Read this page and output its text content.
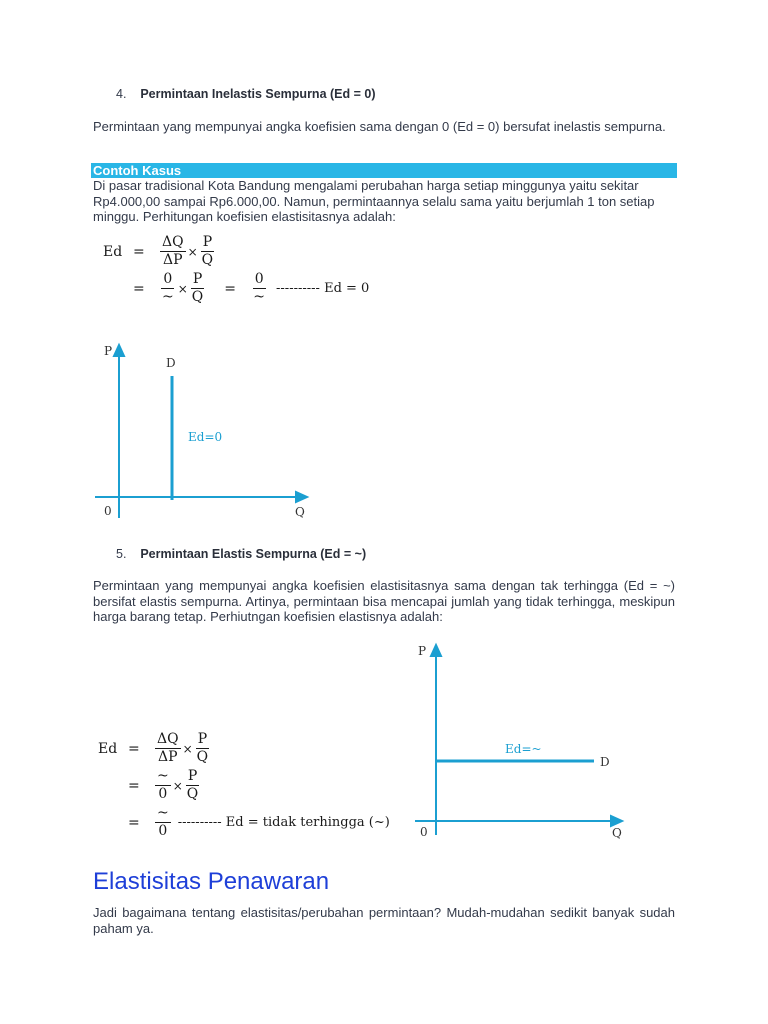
4. Permintaan Inelastis Sempurna (Ed = 0)
Permintaan yang mempunyai angka koefisien sama dengan 0 (Ed = 0) bersufat inelastis sempurna.
Contoh Kasus
Di pasar tradisional Kota Bandung mengalami perubahan harga setiap minggunya yaitu sekitar Rp4.000,00 sampai Rp6.000,00. Namun, permintaannya selalu sama yaitu berjumlah 1 ton setiap minggu. Perhitungan koefisien elastisitasnya adalah:
Ed =	$\frac{\Delta Q}{\Delta P} \times \frac{P}{Q}$
=	$\frac{0}{\sim} \times \frac{P}{Q}$ =	$\frac{0}{\sim}$ ---------- Ed = 0
P
Q
0
D
Ed=0
5. Permintaan Elastis Sempurna (Ed = ~)
Permintaan yang mempunyai angka koefisien elastisitasnya sama dengan tak terhingga (Ed = ~) bersifat elastis sempurna. Artinya, permintaan bisa mencapai jumlah yang tidak terhingga, meskipun harga barang tetap. Perhiutngan koefisien elastisnya adalah:
P
Q
0
D
Ed=~
Ed =	$\frac{\Delta Q}{\Delta P} \times \frac{P}{Q}$
=	$\frac{\sim}{0} \times \frac{P}{Q}$
=	$\frac{\sim}{0}$ ---------- Ed = tidak terhingga (~)
Elastisitas Penawaran
Jadi bagaimana tentang elastisitas/perubahan permintaan? Mudah-mudahan sedikit banyak sudah paham ya.
